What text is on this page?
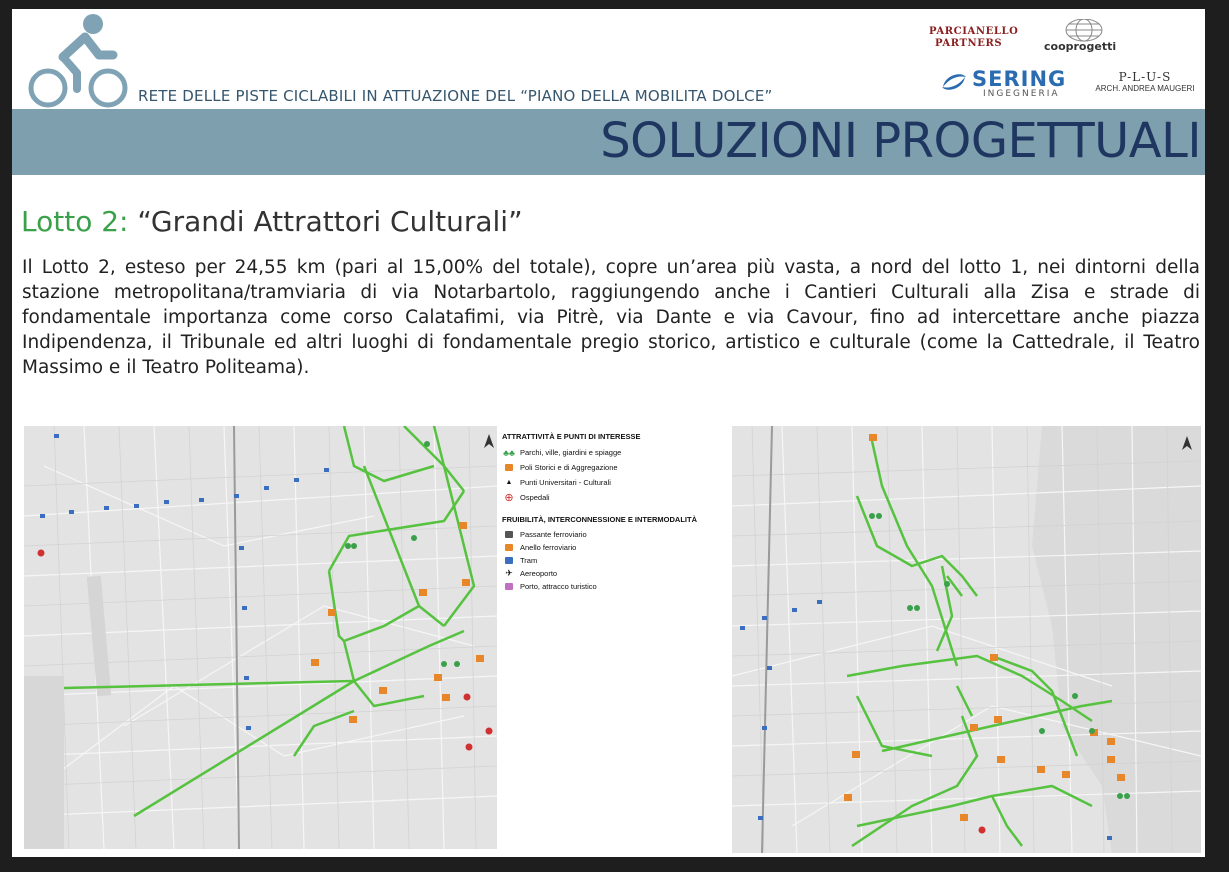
RETE DELLE PISTE CICLABILI IN ATTUAZIONE DEL “PIANO DELLA MOBILITA DOLCE”
PARCIANELLO
PARTNERS	cooprogetti
SERING
INGEGNERIA
P-L-U-S
ARCH. ANDREA MAUGERI
SOLUZIONI PROGETTUALI
Lotto 2: “Grandi Attrattori Culturali”
Il Lotto 2, esteso per 24,55 km (pari al 15,00% del totale), copre un’area più vasta, a nord del lotto 1, nei dintorni della stazione metropolitana/tramviaria di via Notarbartolo, raggiungendo anche i Cantieri Culturali alla Zisa e strade di fondamentale importanza come corso Calatafimi, via Pitrè, via Dante e via Cavour, fino ad intercettare anche piazza Indipendenza, il Tribunale ed altri luoghi di fondamentale pregio storico, artistico e culturale (come la Cattedrale, il Teatro Massimo e il Teatro Politeama).
ATTRATTIVITÀ E PUNTI DI INTERESSE
♣♣ Parchi, ville, giardini e spiagge
Poli Storici e di Aggregazione
▲	Punti Universitari - Culturali
⊕ Ospedali
FRUIBILITÀ, INTERCONNESSIONE E INTERMODALITÀ
Passante ferroviario
Anello ferroviario
Tram
✈ Aereoporto
Porto, attracco turistico
